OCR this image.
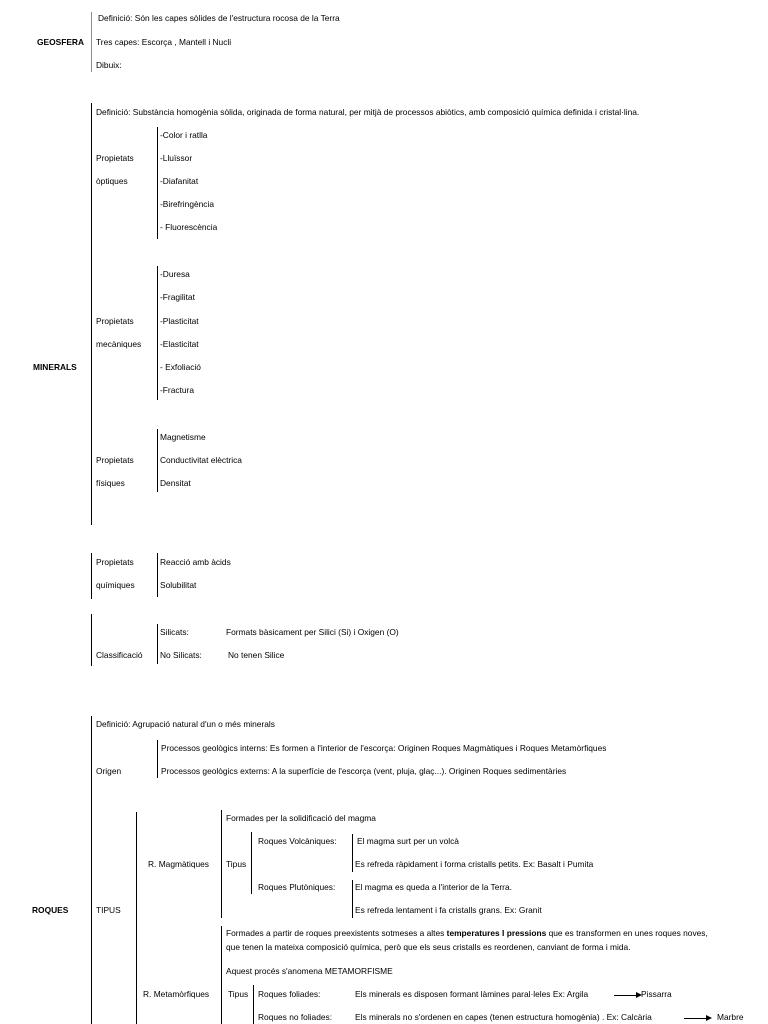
GEOSFERA
Definició: Són les capes sòlides de l'estructura rocosa de la Terra
Tres capes: Escorça , Mantell i Nucli
Dibuix:
MINERALS
Definició: Substància homogènia sòlida, originada de forma natural, per mitjà de processos abiòtics, amb composició química definida i cristal·lina.
Propietats
òptiques
-Color i ratlla
-Lluïssor
-Diafanitat
-Birefringència
- Fluorescència
Propietats
mecàniques
-Duresa
-Fragilitat
-Plasticitat
-Elasticitat
- Exfoliació
-Fractura
Propietats
físiques
Magnetisme
Conductivitat elèctrica
Densitat
Propietats
químiques
Reacció amb àcids
Solubilitat
Classificació
Silicats:	Formats bàsicament per Silici (Si) i Oxigen (O)
No Silicats:	No tenen Silice
ROQUES
Definició: Agrupació natural d'un o més minerals
Origen
Processos geològics interns: Es formen a l'interior de l'escorça: Originen Roques Magmàtiques i Roques Metamòrfiques
Processos geològics externs: A la superfície de l'escorça (vent, pluja, glaç...). Originen Roques sedimentàries
TIPUS
R. Magmàtiques
Formades per la solidificació del magma
Tipus
Roques Volcàniques: El magma surt per un volcà
Es refreda ràpidament i forma cristalls petits. Ex: Basalt i Pumita
Roques Plutòniques: El magma es queda a l'interior de la Terra.
Es refreda lentament i fa cristalls grans. Ex: Granit
R. Metamòrfiques
Formades a partir de roques preexistents sotmeses a altes temperatures I pressions que es transformen en unes roques noves,
que tenen la mateixa composició química, però que els seus cristalls es reordenen, canviant de forma i mida.
Aquest procés s'anomena METAMORFISME
Tipus Roques foliades:	Els minerals es disposen formant làmines paral·leles Ex: Argila	Pissarra
Roques no foliades:	Els minerals no s'ordenen en capes (tenen estructura homogènia) . Ex: Calcària	Marbre
